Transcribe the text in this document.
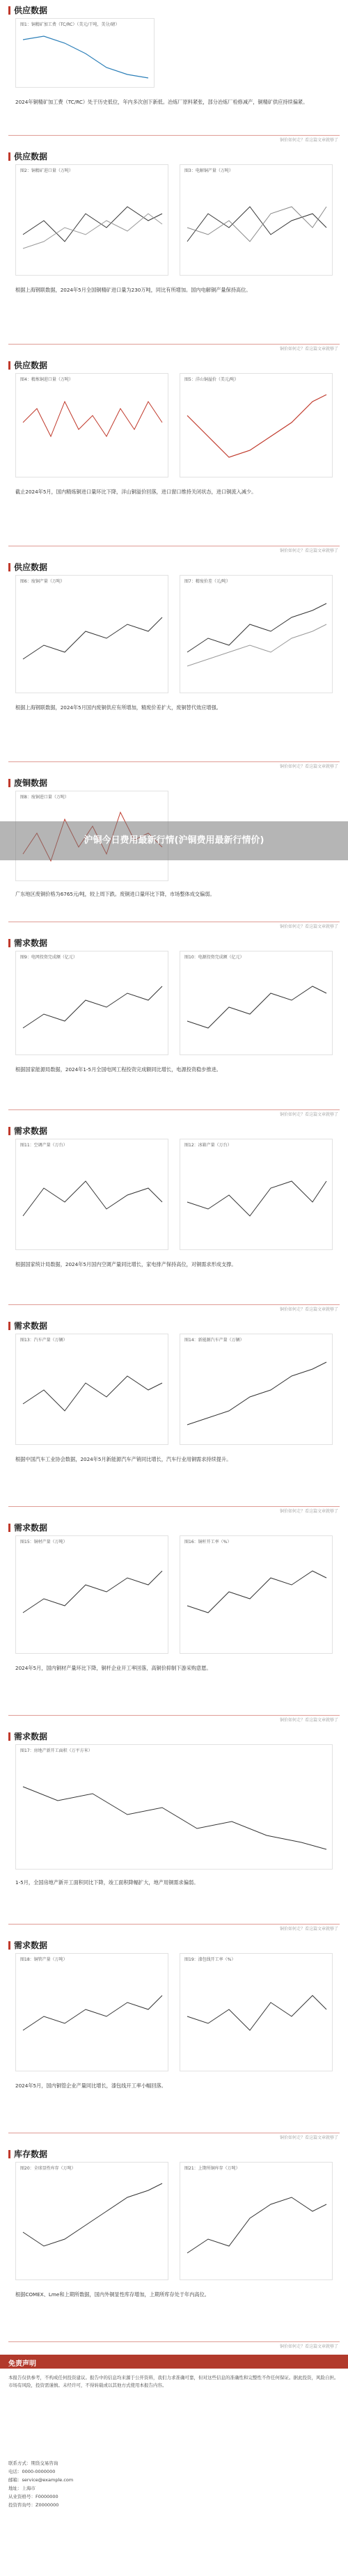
供应数据
图1：铜精矿加工费（TC/RC）（美元/干吨，美分/磅）
2024年铜精矿加工费（TC/RC）处于历史低位，年内多次创下新低。冶炼厂原料紧张，部分冶炼厂检修减产，铜精矿供应持续偏紧。
铜价如何走？看这篇文章就够了
供应数据
图2：铜精矿进口量（万吨）	图3：电解铜产量（万吨）
根据上海钢联数据，2024年5月全国铜精矿进口量为230万吨，同比有所增加。国内电解铜产量保持高位。
铜价如何走？看这篇文章就够了
供应数据
图4：精炼铜进口量（万吨）	图5：洋山铜溢价（美元/吨）
截止2024年5月，国内精炼铜进口量环比下降，洋山铜溢价回落，进口窗口维持关闭状态，进口铜流入减少。
铜价如何走？看这篇文章就够了
供应数据
图6：废铜产量（万吨）	图7：精废价差（元/吨）
根据上海钢联数据，2024年5月国内废铜供应有所增加，精废价差扩大，废铜替代效应增强。
铜价如何走？看这篇文章就够了
废铜数据
图8：废铜进口量（万吨）
广东地区废铜价格为6765元/吨，较上周下跌。废铜进口量环比下降，市场整体成交偏弱。
铜价如何走？看这篇文章就够了
需求数据
图9：电网投资完成额（亿元）	图10：电源投资完成额（亿元）
根据国家能源局数据，2024年1-5月全国电网工程投资完成额同比增长，电源投资稳步推进。
铜价如何走？看这篇文章就够了
需求数据
图11：空调产量（万台）	图12：冰箱产量（万台）
根据国家统计局数据，2024年5月国内空调产量同比增长，家电排产保持高位，对铜需求形成支撑。
铜价如何走？看这篇文章就够了
需求数据
图13：汽车产量（万辆）	图14：新能源汽车产量（万辆）
根据中国汽车工业协会数据，2024年5月新能源汽车产销同比增长，汽车行业用铜需求持续提升。
铜价如何走？看这篇文章就够了
需求数据
图15：铜材产量（万吨）	图16：铜杆开工率（%）
2024年5月，国内铜材产量环比下降，铜杆企业开工率回落，高铜价抑制下游采购意愿。
铜价如何走？看这篇文章就够了
需求数据
图17：房地产新开工面积（万平方米）
1-5月，全国房地产新开工面积同比下降，竣工面积降幅扩大，地产用铜需求偏弱。
铜价如何走？看这篇文章就够了
需求数据
图18：铜管产量（万吨）	图19：漆包线开工率（%）
2024年5月，国内铜管企业产量同比增长，漆包线开工率小幅回落。
铜价如何走？看这篇文章就够了
库存数据
图20：全球显性库存（万吨）	图21：上期所铜库存（万吨）
根据COMEX、Lme和上期所数据，国内外铜显性库存增加，上期所库存处于年内高位。
铜价如何走？看这篇文章就够了
沪铜今日费用最新行情(沪铜费用最新行情价)
免责声明
本报告仅供参考，不构成任何投资建议。报告中的信息均来源于公开资料，我们力求准确可靠，但对这些信息的准确性和完整性不作任何保证。据此投资，风险自担。市场有风险，投资需谨慎。未经许可，不得转载或以其他方式使用本报告内容。
联系方式：期货交易咨询
电话：0000-0000000
邮箱：service@example.com
地址：上海市
从业资格号：F0000000
投资咨询号：Z0000000
